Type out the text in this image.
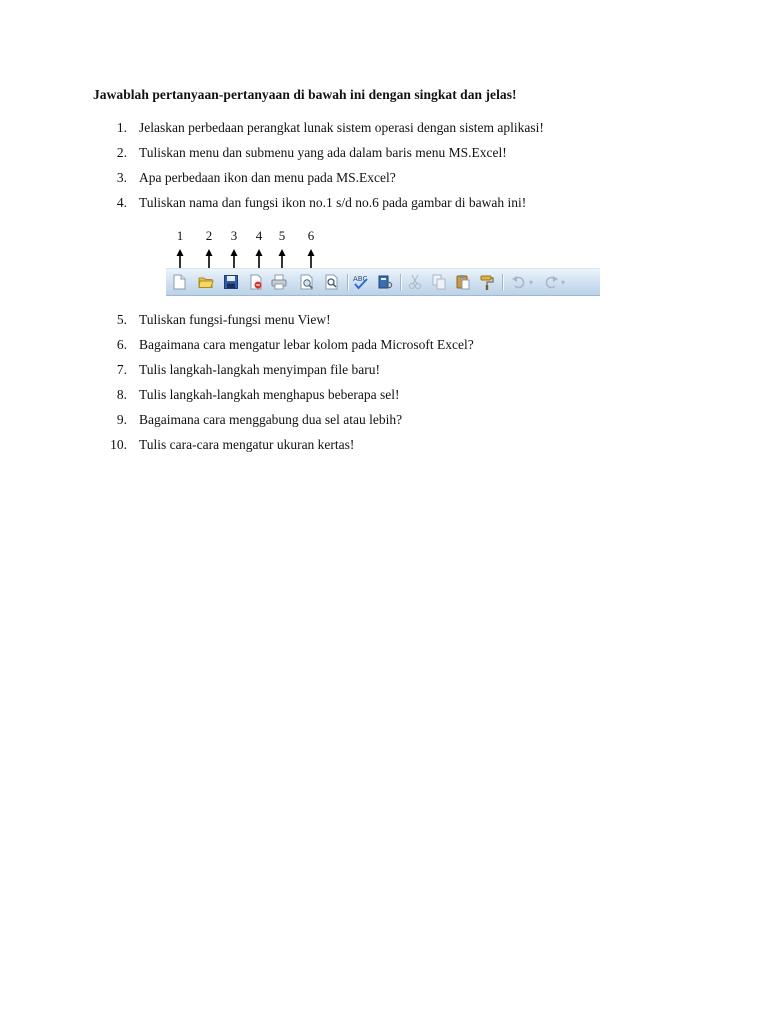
Jawablah pertanyaan-pertanyaan di bawah ini dengan singkat dan jelas!
1. Jelaskan perbedaan perangkat lunak sistem operasi dengan sistem aplikasi!
2. Tuliskan menu dan submenu yang ada dalam baris menu MS.Excel!
3. Apa perbedaan ikon dan menu pada MS.Excel?
4. Tuliskan nama dan fungsi ikon no.1 s/d no.6 pada gambar di bawah ini!
5. Tuliskan fungsi-fungsi menu View!
6. Bagaimana cara mengatur lebar kolom pada Microsoft Excel?
7. Tulis langkah-langkah menyimpan file baru!
8. Tulis langkah-langkah menghapus beberapa sel!
9. Bagaimana cara menggabung dua sel atau lebih?
10. Tulis cara-cara mengatur ukuran kertas!
1 2 3 4 5 6
ABC	▾	▾
